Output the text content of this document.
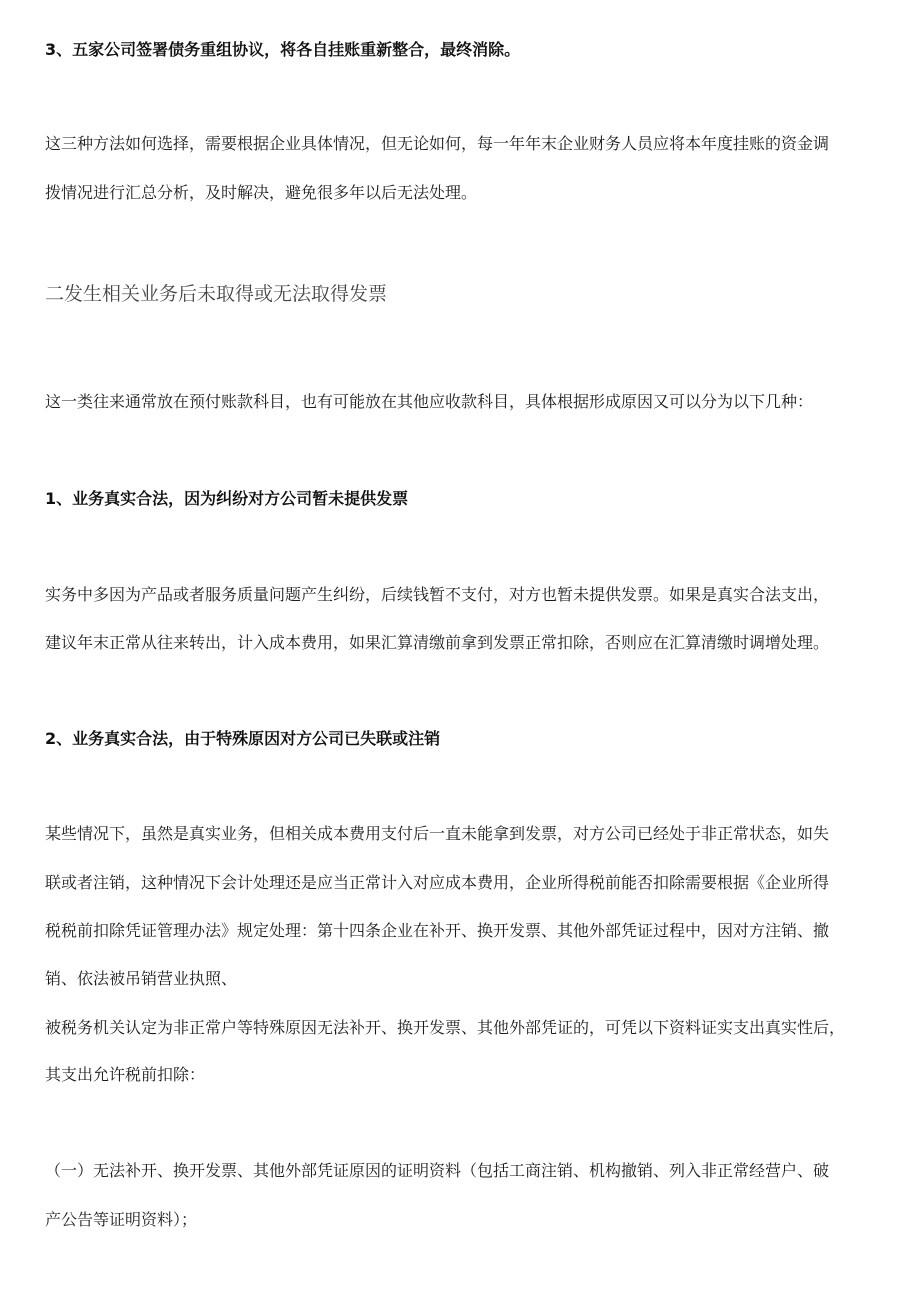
3、五家公司签署债务重组协议，将各自挂账重新整合，最终消除。
这三种方法如何选择，需要根据企业具体情况，但无论如何，每一年年末企业财务人员应将本年度挂账的资金调
拨情况进行汇总分析，及时解决，避免很多年以后无法处理。
二发生相关业务后未取得或无法取得发票
这一类往来通常放在预付账款科目，也有可能放在其他应收款科目，具体根据形成原因又可以分为以下几种：
1、业务真实合法，因为纠纷对方公司暂未提供发票
实务中多因为产品或者服务质量问题产生纠纷，后续钱暂不支付，对方也暂未提供发票。如果是真实合法支出，
建议年末正常从往来转出，计入成本费用，如果汇算清缴前拿到发票正常扣除，否则应在汇算清缴时调增处理。
2、业务真实合法，由于特殊原因对方公司已失联或注销
某些情况下，虽然是真实业务，但相关成本费用支付后一直未能拿到发票，对方公司已经处于非正常状态，如失
联或者注销，这种情况下会计处理还是应当正常计入对应成本费用，企业所得税前能否扣除需要根据《企业所得
税税前扣除凭证管理办法》规定处理：第十四条企业在补开、换开发票、其他外部凭证过程中，因对方注销、撤
销、依法被吊销营业执照、
被税务机关认定为非正常户等特殊原因无法补开、换开发票、其他外部凭证的，可凭以下资料证实支出真实性后，
其支出允许税前扣除：
（一）无法补开、换开发票、其他外部凭证原因的证明资料（包括工商注销、机构撤销、列入非正常经营户、破
产公告等证明资料）；
